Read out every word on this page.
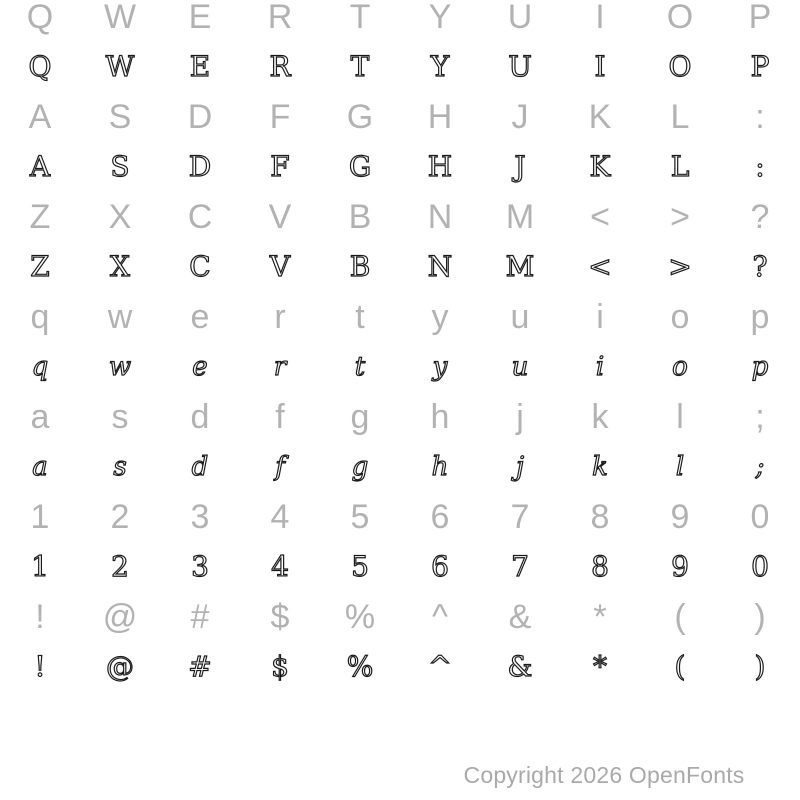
Q W E R T Y U I O P
Q W E R T Y U I O P
A S D F G H J K L :
A S D F G H J K L :
Z X C V B N M < > ?
Z X C V B N M < > ?
q w e r t y u i o p
q w e	r	t	y u	i	o p
a s d f g h j k l ;
a	s	d	f	g h	j	k	l	;
1 2 3 4 5 6 7 8 9 0
1 2 3 4 5 6 7 8 9 0
! @ # $ % ^ & * ( )
! @ # $ % ^ & * ( )
Copyright 2026 OpenFonts
